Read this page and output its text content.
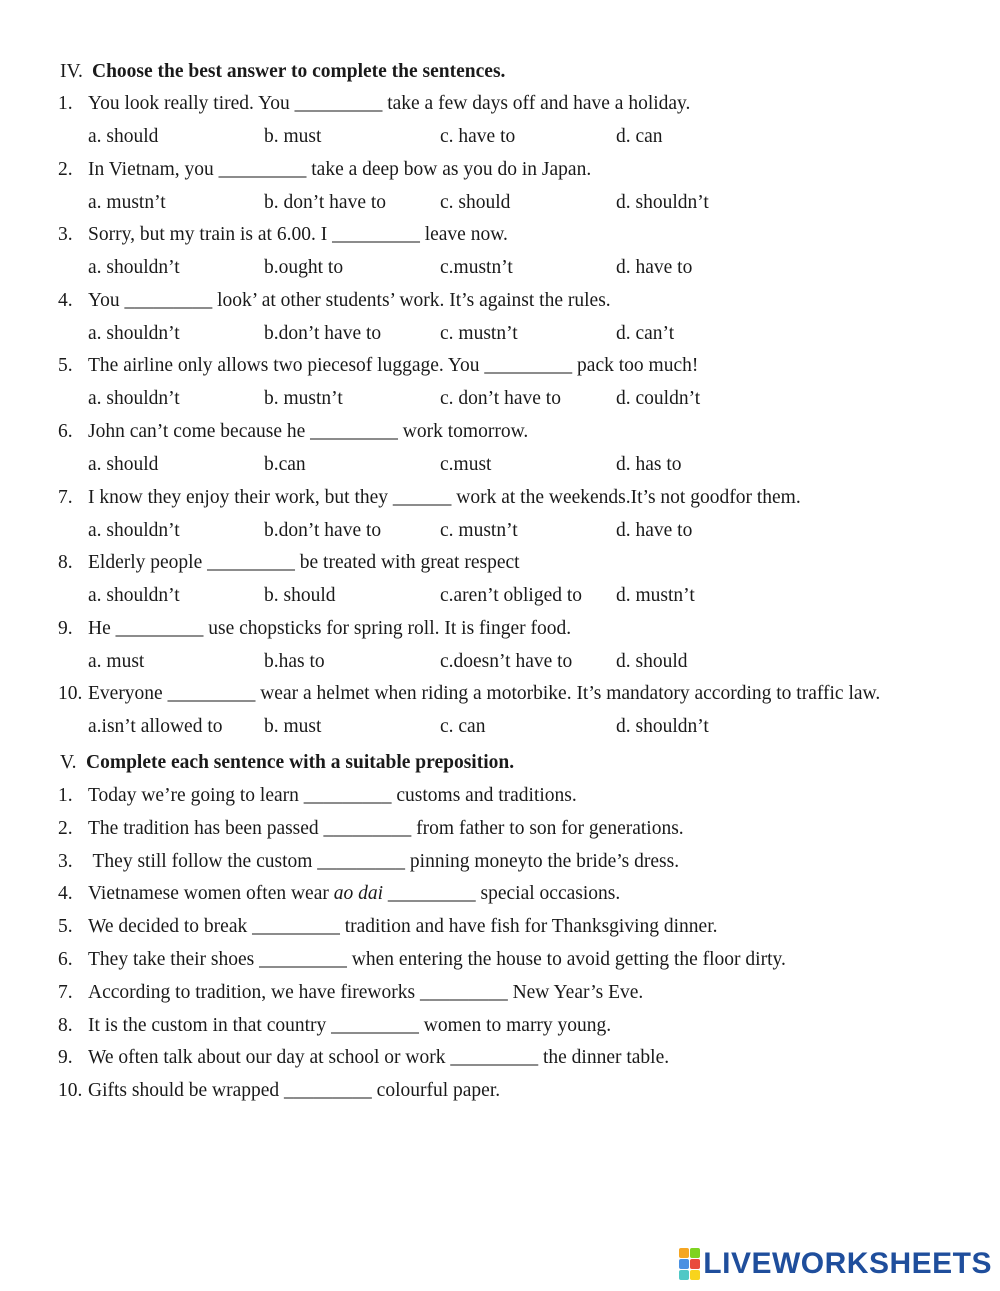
IV. Choose the best answer to complete the sentences.
1. You look really tired. You _________ take a few days off and have a holiday.
a. should	b. must	c. have to	d. can
2. In Vietnam, you _________ take a deep bow as you do in Japan.
a. mustn’t	b. don’t have to	c. should	d. shouldn’t
3. Sorry, but my train is at 6.00. I _________ leave now.
a. shouldn’t	b.ought to	c.mustn’t	d. have to
4. You _________ look’ at other students’ work. It’s against the rules.
a. shouldn’t	b.don’t have to	c. mustn’t	d. can’t
5. The airline only allows two piecesof luggage. You _________ pack too much!
a. shouldn’t	b. mustn’t	c. don’t have to	d. couldn’t
6. John can’t come because he _________ work tomorrow.
a. should	b.can	c.must	d. has to
7. I know they enjoy their work, but they ______ work at the weekends.It’s not goodfor them.
a. shouldn’t	b.don’t have to	c. mustn’t	d. have to
8. Elderly people _________ be treated with great respect
a. shouldn’t	b. should	c.aren’t obliged to d. mustn’t
9. He _________ use chopsticks for spring roll. It is finger food.
a. must	b.has to	c.doesn’t have to d. should
10. Everyone _________ wear a helmet when riding a motorbike. It’s mandatory according to traffic law.
a.isn’t allowed to b. must	c. can	d. shouldn’t
V. Complete each sentence with a suitable preposition.
1. Today we’re going to learn _________ customs and traditions.
2. The tradition has been passed _________ from father to son for generations.
3. They still follow the custom _________ pinning moneyto the bride’s dress.
4. Vietnamese women often wear ao dai _________ special occasions.
5. We decided to break _________ tradition and have fish for Thanksgiving dinner.
6. They take their shoes _________ when entering the house to avoid getting the floor dirty.
7. According to tradition, we have fireworks _________ New Year’s Eve.
8. It is the custom in that country _________ women to marry young.
9. We often talk about our day at school or work _________ the dinner table.
10. Gifts should be wrapped _________ colourful paper.
LIVEWORKSHEETS
